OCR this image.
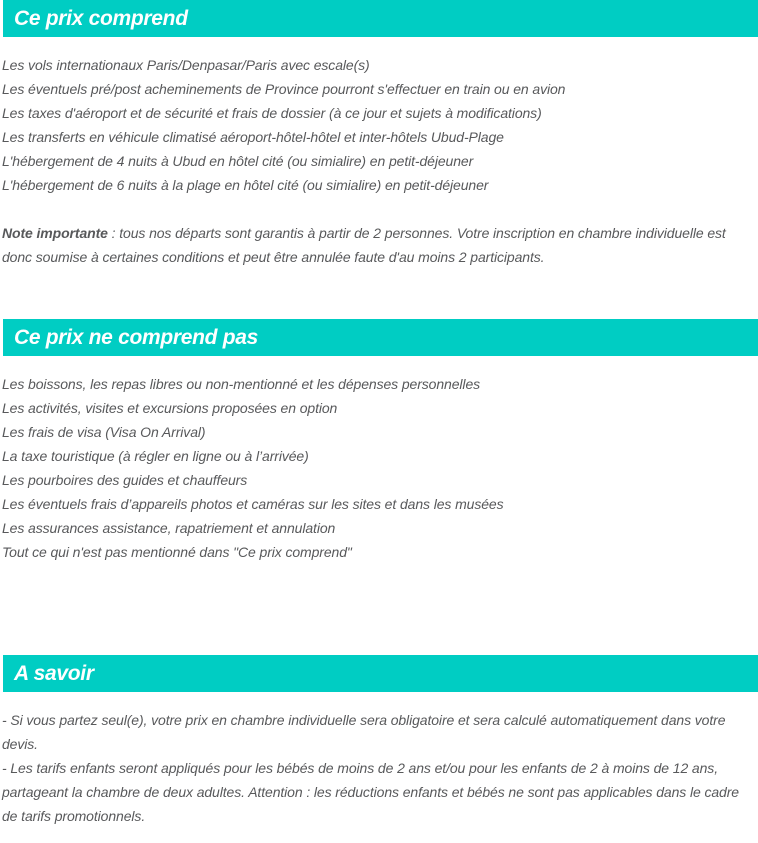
Ce prix comprend

Les vols internationaux Paris/Denpasar/Paris avec escale(s)

Les éventuels pré/post acheminements de Province pourront s'effectuer en train ou en avion

Les taxes d'aéroport et de sécurité et frais de dossier (à ce jour et sujets à modifications)

Les transferts en véhicule climatisé aéroport-hôtel-hôtel et inter-hôtels Ubud-Plage

L'hébergement de 4 nuits à Ubud en hôtel cité (ou simialire) en petit-déjeuner

L'hébergement de 6 nuits à la plage en hôtel cité (ou simialire) en petit-déjeuner

Note importante : tous nos départs sont garantis à partir de 2 personnes. Votre inscription en chambre individuelle est donc soumise à certaines conditions et peut être annulée faute d'au moins 2 participants.

Ce prix ne comprend pas

Les boissons, les repas libres ou non-mentionné et les dépenses personnelles

Les activités, visites et excursions proposées en option

Les frais de visa (Visa On Arrival)

La taxe touristique (à régler en ligne ou à l’arrivée)

Les pourboires des guides et chauffeurs

Les éventuels frais d’appareils photos et caméras sur les sites et dans les musées

Les assurances assistance, rapatriement et annulation

Tout ce qui n'est pas mentionné dans "Ce prix comprend"

A savoir

- Si vous partez seul(e), votre prix en chambre individuelle sera obligatoire et sera calculé automatiquement dans votre devis.

- Les tarifs enfants seront appliqués pour les bébés de moins de 2 ans et/ou pour les enfants de 2 à moins de 12 ans, partageant la chambre de deux adultes. Attention : les réductions enfants et bébés ne sont pas applicables dans le cadre de tarifs promotionnels.
